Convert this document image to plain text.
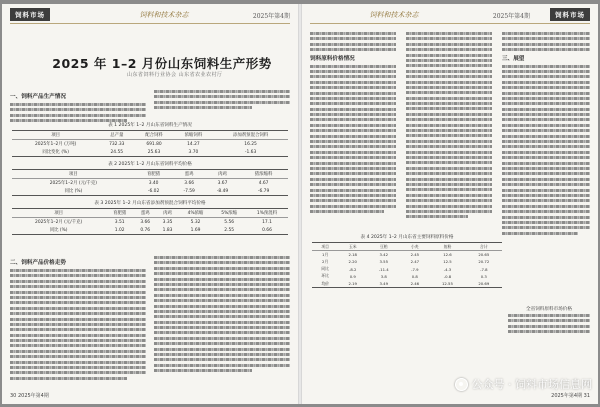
饲料市场	饲料和技术杂志	2025年第4期
2025 年 1–2 月份山东饲料生产形势
山东省饲料行业协会 山东省农业农村厅
一、饲料产品生产情况
表 1 2025年 1–2 月山东省饲料生产情况
项目	总产量	配合饲料	浓缩饲料	添加剂预混合饲料
2025年1–2月 (万吨)	732.33	691.80	14.27	16.25
同比变化 (%)	24.55	25.63	3.70	-1.63
表 2 2025年 1–2 月山东省饲料平均价格
项目	育肥猪	蛋鸡	肉鸡	猪浓缩料
2025年1–2月 (元/千克)	3.40	3.66	3.67	4.67
同比 (%)	-6.02	-7.59	-8.49	-6.79
表 3 2025年 1–2 月山东省添加剂预混合饲料平均价格
项目	育肥猪	蛋鸡	肉鸡	4%浓缩	5%浓缩	1%预混料
2025年1–2月 (元/千克)	3.51	3.66	3.35	5.32	5.56	17.1
同比 (%)	1.02	0.76	1.83	1.69	2.55	0.66
二、饲料产品价格走势
30 2025年第4期
饲料市场
饲料和技术杂志	2025年第4期
饲料原料价格情况	三、展望
表 4 2025年 1–2 月山东省主要饲料原料价格
项目	玉米	豆粕	小麦	鱼粉	合计
1月	2.18	3.42	2.45	12.6	20.65
2月	2.20	3.55	2.47	12.5	20.72
同比	-8.2	-11.4	-7.9	-4.3	-7.8
环比	0.9	3.8	0.8	-0.8	0.3
均价	2.19	3.49	2.46	12.55	20.69
全省饲料原料市场价格
2025年第4期 31
公众号 · 饲料市场信息网
